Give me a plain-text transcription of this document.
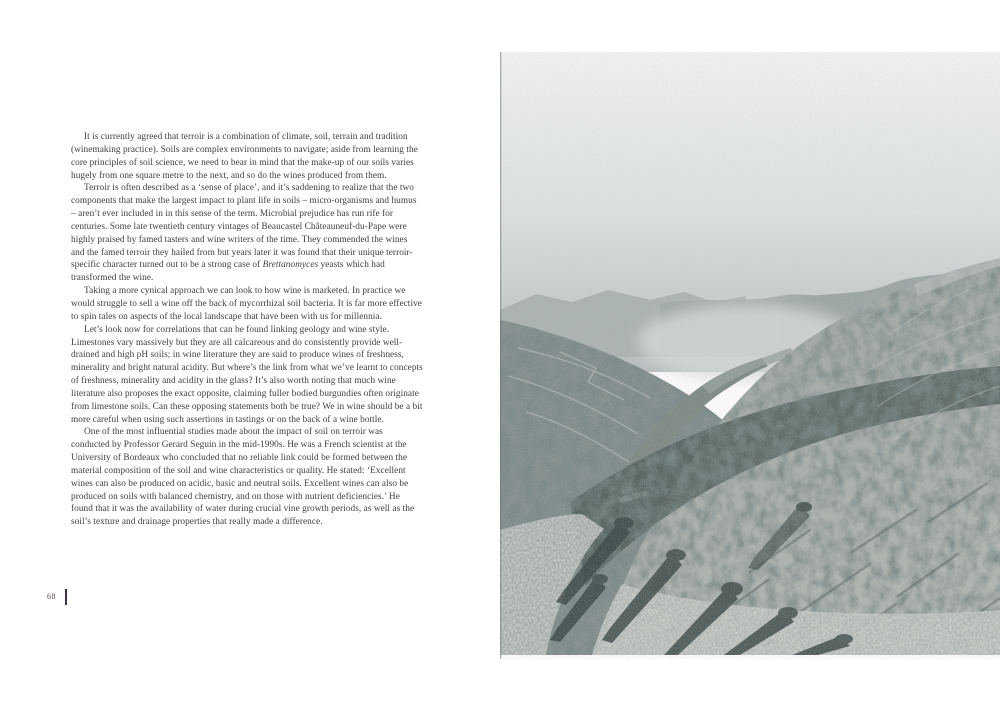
It is currently agreed that terroir is a combination of climate, soil, terrain and tradition (winemaking practice). Soils are complex environments to navigate; aside from learning the core principles of soil science, we need to bear in mind that the make-up of our soils varies hugely from one square metre to the next, and so do the wines produced from them.

Terroir is often described as a ‘sense of place’, and it’s saddening to realize that the two components that make the largest impact to plant life in soils – micro-organisms and humus – aren’t ever included in in this sense of the term. Microbial prejudice has run rife for centuries. Some late twentieth century vintages of Beaucastel Châteauneuf-du-Pape were highly praised by famed tasters and wine writers of the time. They commended the wines and the famed terroir they hailed from but years later it was found that their unique terroir-specific character turned out to be a strong case of Brettanomyces yeasts which had transformed the wine.

Taking a more cynical approach we can look to how wine is marketed. In practice we would struggle to sell a wine off the back of mycorrhizal soil bacteria. It is far more effective to spin tales on aspects of the local landscape that have been with us for millennia.

Let’s look now for correlations that can be found linking geology and wine style. Limestones vary massively but they are all calcareous and do consistently provide well-drained and high pH soils; in wine literature they are said to produce wines of freshness, minerality and bright natural acidity. But where’s the link from what we’ve learnt to concepts of freshness, minerality and acidity in the glass? It’s also worth noting that much wine literature also proposes the exact opposite, claiming fuller bodied burgundies often originate from limestone soils. Can these opposing statements both be true? We in wine should be a bit more careful when using such assertions in tastings or on the back of a wine bottle.

One of the most influential studies made about the impact of soil on terroir was conducted by Professor Gerard Seguin in the mid-1990s. He was a French scientist at the University of Bordeaux who concluded that no reliable link could be formed between the material composition of the soil and wine characteristics or quality. He stated: ‘Excellent wines can also be produced on acidic, basic and neutral soils. Excellent wines can also be produced on soils with balanced chemistry, and on those with nutrient deficiencies.’ He found that it was the availability of water during crucial vine growth periods, as well as the soil’s texture and drainage properties that really made a difference.

68
